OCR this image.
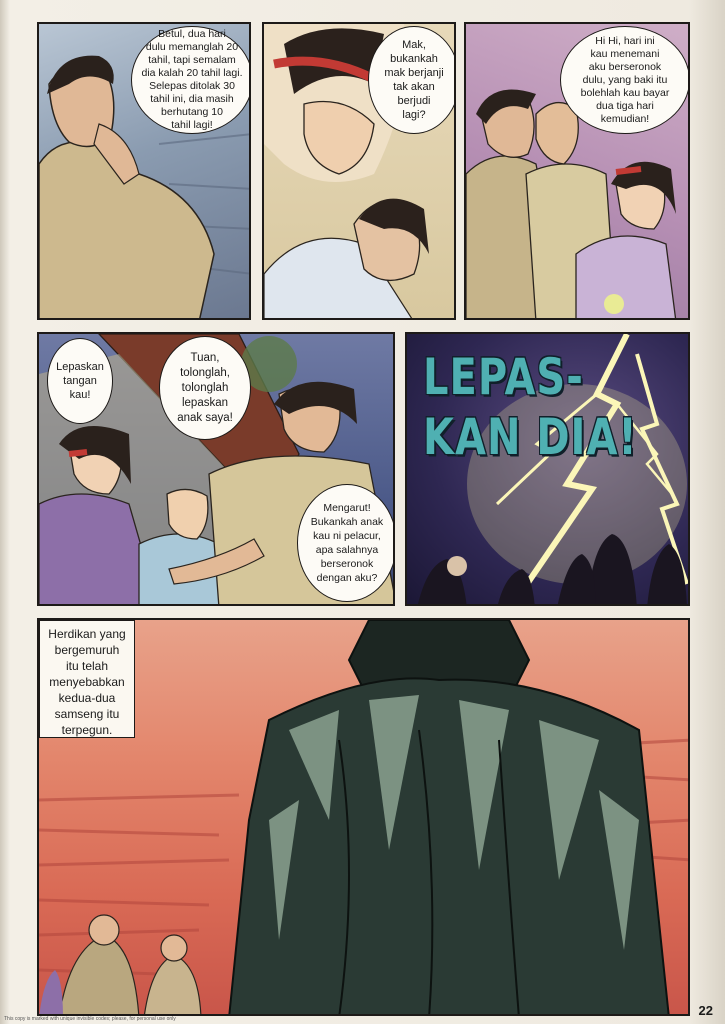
Betul, dua hari
dulu memanglah 20
tahil, tapi semalam
dia kalah 20 tahil lagi.
Selepas ditolak 30
tahil ini, dia masih
berhutang 10
tahil lagi!
Mak,
bukankah
mak berjanji
tak akan
berjudi
lagi?
Hi Hi, hari ini
kau menemani
aku berseronok
dulu, yang baki itu
bolehlah kau bayar
dua tiga hari
kemudian!
Lepaskan
tangan
kau!
Tuan,
tolonglah,
tolonglah
lepaskan
anak saya!
Mengarut!
Bukankah anak
kau ni pelacur,
apa salahnya
berseronok
dengan aku?
LEPAS-
KAN DIA!
Herdikan yang
bergemuruh
itu telah
menyebabkan
kedua-dua
samseng itu
terpegun.
22
This copy is marked with unique invisible codes; please, for personal use only
